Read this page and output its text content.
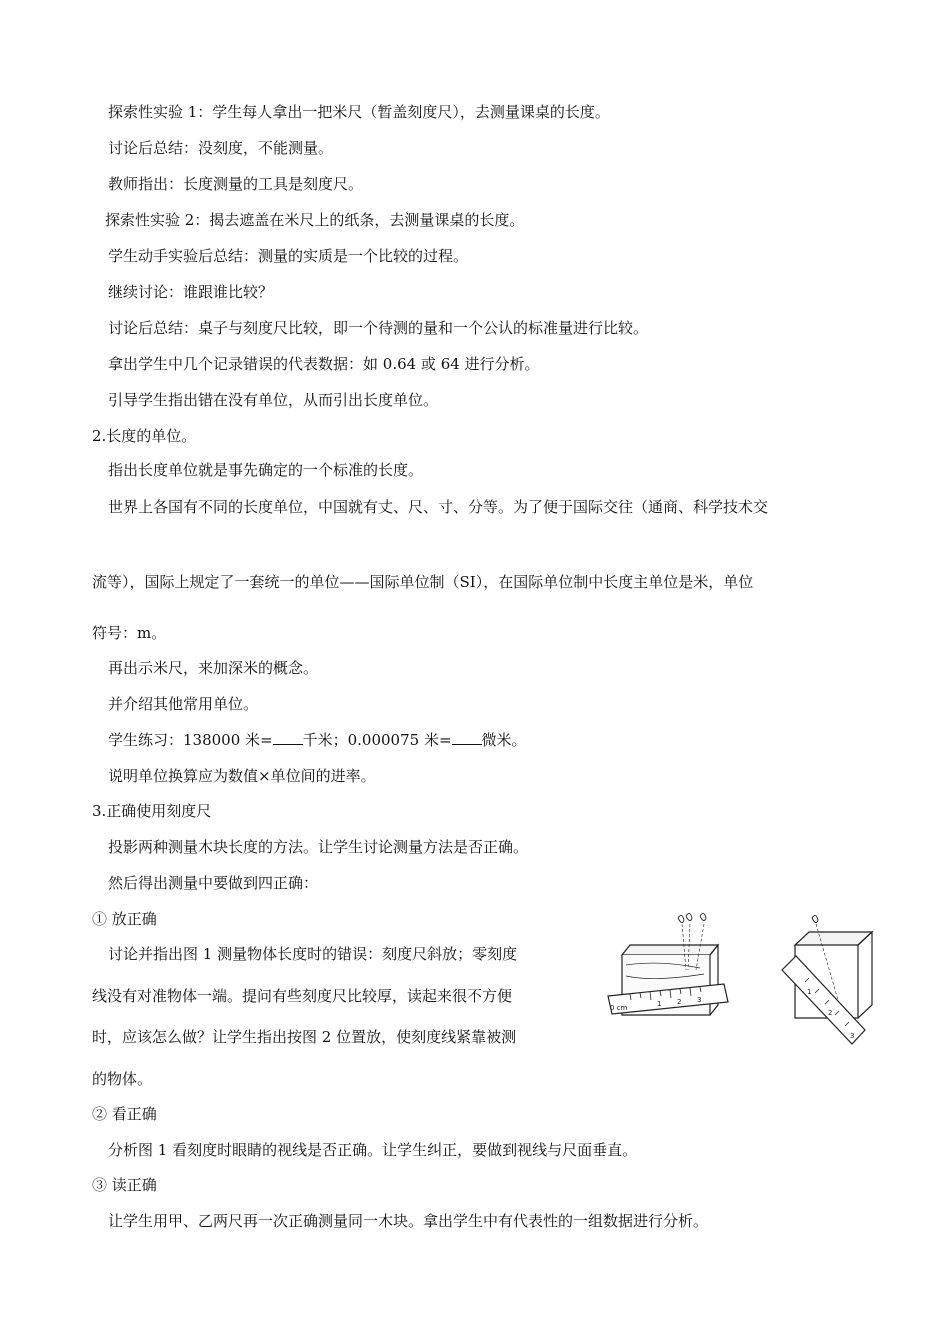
探索性实验 1：学生每人拿出一把米尺（暂盖刻度尺），去测量课桌的长度。
讨论后总结：没刻度，不能测量。
教师指出：长度测量的工具是刻度尺。
探索性实验 2：揭去遮盖在米尺上的纸条，去测量课桌的长度。
学生动手实验后总结：测量的实质是一个比较的过程。
继续讨论：谁跟谁比较？
讨论后总结：桌子与刻度尺比较，即一个待测的量和一个公认的标准量进行比较。
拿出学生中几个记录错误的代表数据：如 0.64 或 64 进行分析。
引导学生指出错在没有单位，从而引出长度单位。
2.长度的单位。
指出长度单位就是事先确定的一个标准的长度。
世界上各国有不同的长度单位，中国就有丈、尺、寸、分等。为了便于国际交往（通商、科学技术交
流等），国际上规定了一套统一的单位——国际单位制（SI），在国际单位制中长度主单位是米，单位
符号：m。
再出示米尺，来加深米的概念。
并介绍其他常用单位。
学生练习：138000 米= 千米；0.000075 米= 微米。
说明单位换算应为数值×单位间的进率。
3.正确使用刻度尺
投影两种测量木块长度的方法。让学生讨论测量方法是否正确。
然后得出测量中要做到四正确：
① 放正确
讨论并指出图 1 测量物体长度时的错误：刻度尺斜放；零刻度
线没有对准物体一端。提问有些刻度尺比较厚，读起来很不方便
时，应该怎么做？让学生指出按图 2 位置放，使刻度线紧靠被测
的物体。
② 看正确
分析图 1 看刻度时眼睛的视线是否正确。让学生纠正，要做到视线与尺面垂直。
③ 读正确
让学生用甲、乙两尺再一次正确测量同一木块。拿出学生中有代表性的一组数据进行分析。
0 cm	1 2 3
1
2
3
